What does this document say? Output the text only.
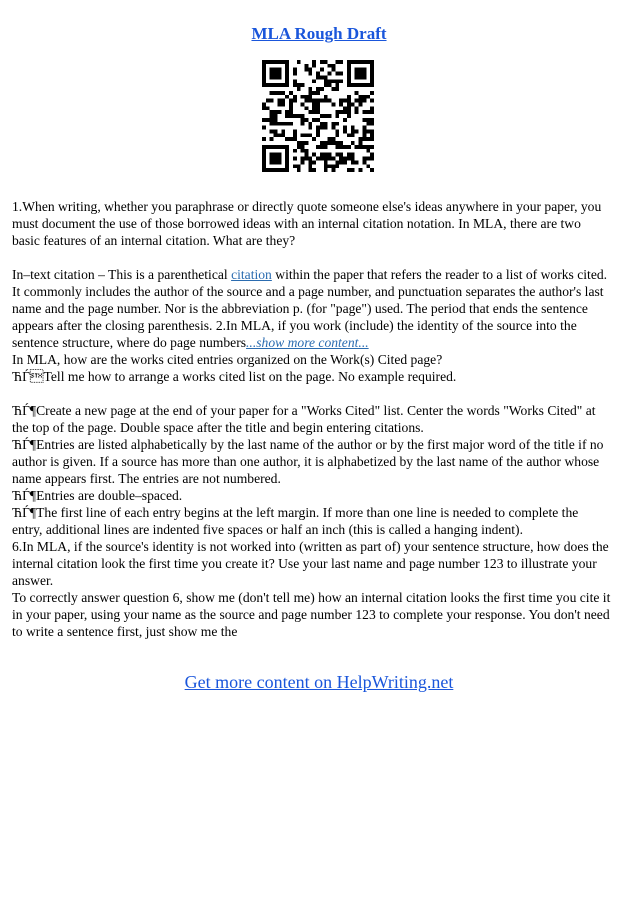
MLA Rough Draft

1.When writing, whether you paraphrase or directly quote someone else's ideas anywhere in your paper, you must document the use of those borrowed ideas with an internal citation notation. In MLA, there are two basic features of an internal citation. What are they?

In–text citation – This is a parenthetical citation within the paper that refers the reader to a list of works cited. It commonly includes the author of the source and a page number, and punctuation separates the author's last name and the page number. Nor is the abbreviation p. (for "page") used. The period that ends the sentence appears after the closing parenthesis. 2.In MLA, if you work (include) the identity of the source into the sentence structure, where do page numbers...show more content...

In MLA, how are the works cited entries organized on the Work(s) Cited page?

ЋЃTell me how to arrange a works cited list on the page. No example required.

ЋЃ¶Create a new page at the end of your paper for a "Works Cited" list. Center the words "Works Cited" at the top of the page. Double space after the title and begin entering citations.

ЋЃ¶Entries are listed alphabetically by the last name of the author or by the first major word of the title if no author is given. If a source has more than one author, it is alphabetized by the last name of the author whose name appears first. The entries are not numbered.

ЋЃ¶Entries are double–spaced.

ЋЃ¶The first line of each entry begins at the left margin. If more than one line is needed to complete the entry, additional lines are indented five spaces or half an inch (this is called a hanging indent).

6.In MLA, if the source's identity is not worked into (written as part of) your sentence structure, how does the internal citation look the first time you create it? Use your last name and page number 123 to illustrate your answer.

To correctly answer question 6, show me (don't tell me) how an internal citation looks the first time you cite it in your paper, using your name as the source and page number 123 to complete your response. You don't need to write a sentence first, just show me the

Get more content on HelpWriting.net
